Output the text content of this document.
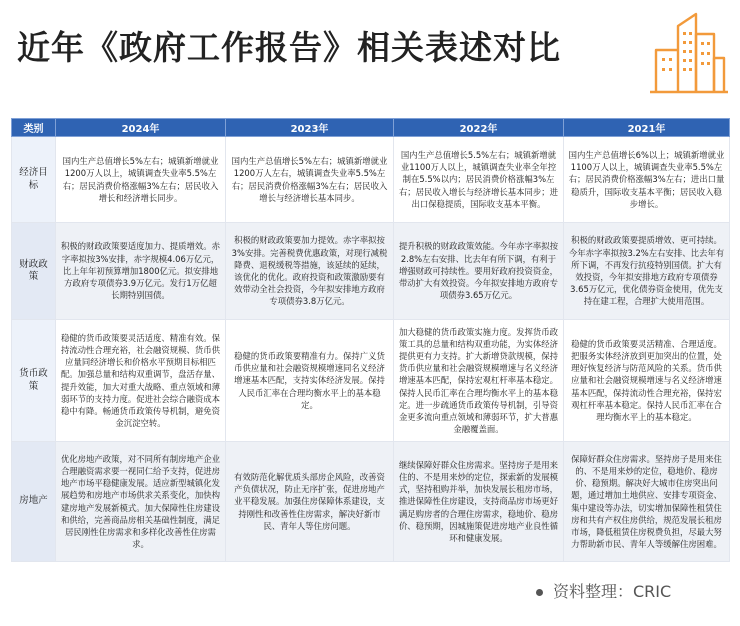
近年《政府工作报告》相关表述对比
类别	2024年	2023年	2022年	2021年
经济目标	国内生产总值增长5%左右；城镇新增就业1200万人以上，城镇调查失业率5.5%左右；居民消费价格涨幅3%左右；居民收入增长和经济增长同步。	国内生产总值增长5%左右；城镇新增就业1200万人左右，城镇调查失业率5.5%左右；居民消费价格涨幅3%左右；居民收入增长与经济增长基本同步。	国内生产总值增长5.5%左右；城镇新增就业1100万人以上，城镇调查失业率全年控制在5.5%以内；居民消费价格涨幅3%左右；居民收入增长与经济增长基本同步；进出口保稳提质，国际收支基本平衡。	国内生产总值增长6%以上；城镇新增就业1100万人以上，城镇调查失业率5.5%左右；居民消费价格涨幅3%左右；进出口量稳质升，国际收支基本平衡；居民收入稳步增长。
财政政策	积极的财政政策要适度加力、提质增效。赤字率拟按3%安排，赤字规模4.06万亿元，比上年年初预算增加1800亿元。拟安排地方政府专项债券3.9万亿元。发行1万亿超长期特别国债。	积极的财政政策要加力提效。赤字率拟按3%安排。完善税费优惠政策，对现行减税降费、退税缓税等措施，该延续的延续，该优化的优化。政府投资和政策激励要有效带动全社会投资，今年拟安排地方政府专项债券3.8万亿元。	提升积极的财政政策效能。今年赤字率拟按2.8%左右安排、比去年有所下调，有利于增强财政可持续性。要用好政府投资资金，带动扩大有效投资。今年拟安排地方政府专项债券3.65万亿元。	积极的财政政策要提质增效、更可持续。今年赤字率拟按3.2%左右安排、比去年有所下调，不再发行抗疫特别国债。扩大有效投资，今年拟安排地方政府专项债券3.65万亿元，优化债券资金使用，优先支持在建工程，合理扩大使用范围。
货币政策	稳健的货币政策要灵活适度、精准有效。保持流动性合理充裕，社会融资规模、货币供应量同经济增长和价格水平预期目标相匹配。加强总量和结构双重调节，盘活存量、提升效能，加大对重大战略、重点领域和薄弱环节的支持力度。促进社会综合融资成本稳中有降。畅通货币政策传导机制，避免资金沉淀空转。	稳健的货币政策要精准有力。保持广义货币供应量和社会融资规模增速同名义经济增速基本匹配，支持实体经济发展。保持人民币汇率在合理均衡水平上的基本稳定。	加大稳健的货币政策实施力度。发挥货币政策工具的总量和结构双重功能，为实体经济提供更有力支持。扩大新增贷款规模，保持货币供应量和社会融资规模增速与名义经济增速基本匹配，保持宏观杠杆率基本稳定。保持人民币汇率在合理均衡水平上的基本稳定。进一步疏通货币政策传导机制，引导资金更多流向重点领域和薄弱环节，扩大普惠金融覆盖面。	稳健的货币政策要灵活精准、合理适度。把服务实体经济放到更加突出的位置，处理好恢复经济与防范风险的关系。货币供应量和社会融资规模增速与名义经济增速基本匹配，保持流动性合理充裕，保持宏观杠杆率基本稳定。保持人民币汇率在合理均衡水平上的基本稳定。
房地产	优化房地产政策，对不同所有制房地产企业合理融资需求要一视同仁给予支持，促进房地产市场平稳健康发展。适应新型城镇化发展趋势和房地产市场供求关系变化，加快构建房地产发展新模式。加大保障性住房建设和供给，完善商品房相关基础性制度，满足居民刚性住房需求和多样化改善性住房需求。	有效防范化解优质头部房企风险，改善资产负债状况，防止无序扩张，促进房地产业平稳发展。加强住房保障体系建设，支持刚性和改善性住房需求，解决好新市民、青年人等住房问题。	继续保障好群众住房需求。坚持房子是用来住的、不是用来炒的定位，探索新的发展模式，坚持租购并举，加快发展长租房市场，推进保障性住房建设，支持商品房市场更好满足购房者的合理住房需求，稳地价、稳房价、稳预期，因城施策促进房地产业良性循环和健康发展。	保障好群众住房需求。坚持房子是用来住的、不是用来炒的定位，稳地价、稳房价、稳预期。解决好大城市住房突出问题，通过增加土地供应、安排专项资金、集中建设等办法，切实增加保障性租赁住房和共有产权住房供给，规范发展长租房市场，降低租赁住房税费负担，尽最大努力帮助新市民、青年人等缓解住房困难。
资料整理：CRIC
